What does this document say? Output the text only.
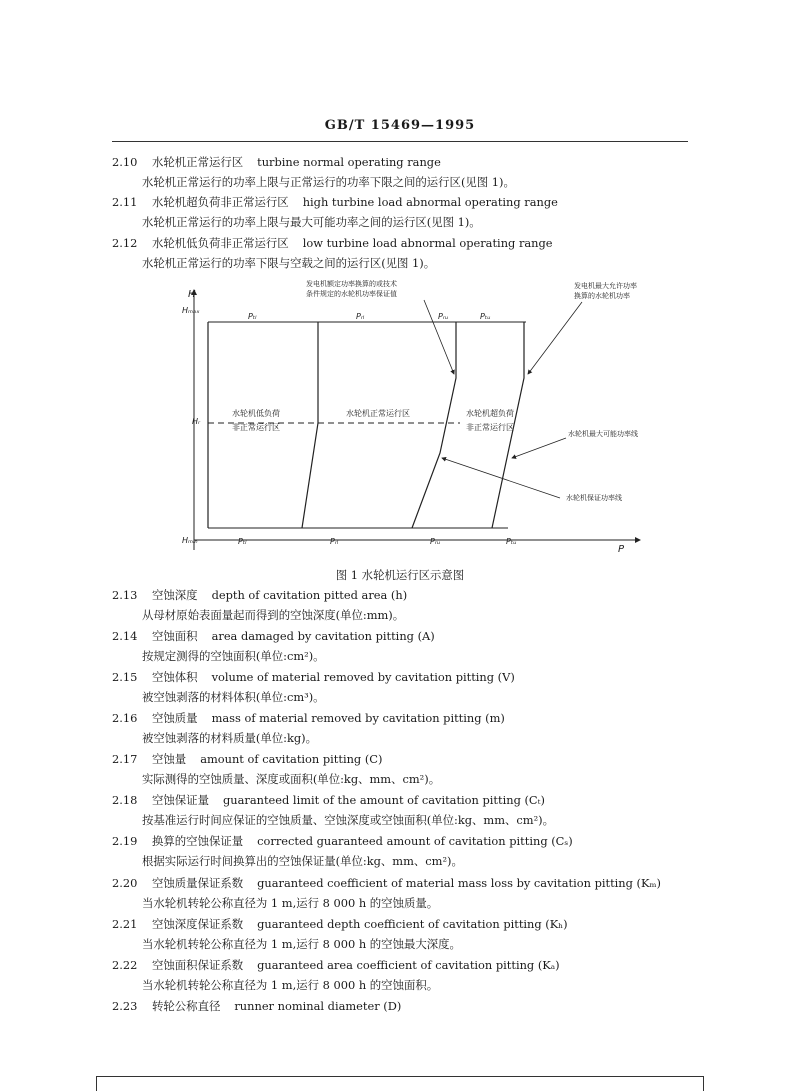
GB/T 15469—1995
2.10 水轮机正常运行区 turbine normal operating range
水轮机正常运行的功率上限与正常运行的功率下限之间的运行区(见图 1)。
2.11 水轮机超负荷非正常运行区 high turbine load abnormal operating range
水轮机正常运行的功率上限与最大可能功率之间的运行区(见图 1)。
2.12 水轮机低负荷非正常运行区 low turbine load abnormal operating range
水轮机正常运行的功率下限与空载之间的运行区(见图 1)。
H
P
Hₘₐₓ
Hᵣ
Hₘᵢₙ
Pₜₗ	Pᵣₗ	Pᵣᵤ	Pₜᵤ
Pₜₗ	Pᵣₗ	Pᵣᵤ	Pₜᵤ
水轮机低负荷
非正常运行区
水轮机正常运行区	水轮机超负荷
非正常运行区
发电机额定功率换算的或技术
条件规定的水轮机功率保证值
发电机最大允许功率
换算的水轮机功率
水轮机最大可能功率线
水轮机保证功率线
图 1 水轮机运行区示意图
2.13 空蚀深度 depth of cavitation pitted area (h)
从母材原始表面量起而得到的空蚀深度(单位:mm)。
2.14 空蚀面积 area damaged by cavitation pitting (A)
按规定测得的空蚀面积(单位:cm²)。
2.15 空蚀体积 volume of material removed by cavitation pitting (V)
被空蚀剥落的材料体积(单位:cm³)。
2.16 空蚀质量 mass of material removed by cavitation pitting (m)
被空蚀剥落的材料质量(单位:kg)。
2.17 空蚀量 amount of cavitation pitting (C)
实际测得的空蚀质量、深度或面积(单位:kg、mm、cm²)。
2.18 空蚀保证量 guaranteed limit of the amount of cavitation pitting (Cₜ)
按基准运行时间应保证的空蚀质量、空蚀深度或空蚀面积(单位:kg、mm、cm²)。
2.19 换算的空蚀保证量 corrected guaranteed amount of cavitation pitting (Cₛ)
根据实际运行时间换算出的空蚀保证量(单位:kg、mm、cm²)。
2.20 空蚀质量保证系数 guaranteed coefficient of material mass loss by cavitation pitting (Kₘ)
当水轮机转轮公称直径为 1 m,运行 8 000 h 的空蚀质量。
2.21 空蚀深度保证系数 guaranteed depth coefficient of cavitation pitting (Kₕ)
当水轮机转轮公称直径为 1 m,运行 8 000 h 的空蚀最大深度。
2.22 空蚀面积保证系数 guaranteed area coefficient of cavitation pitting (Kₐ)
当水轮机转轮公称直径为 1 m,运行 8 000 h 的空蚀面积。
2.23 转轮公称直径 runner nominal diameter (D)
